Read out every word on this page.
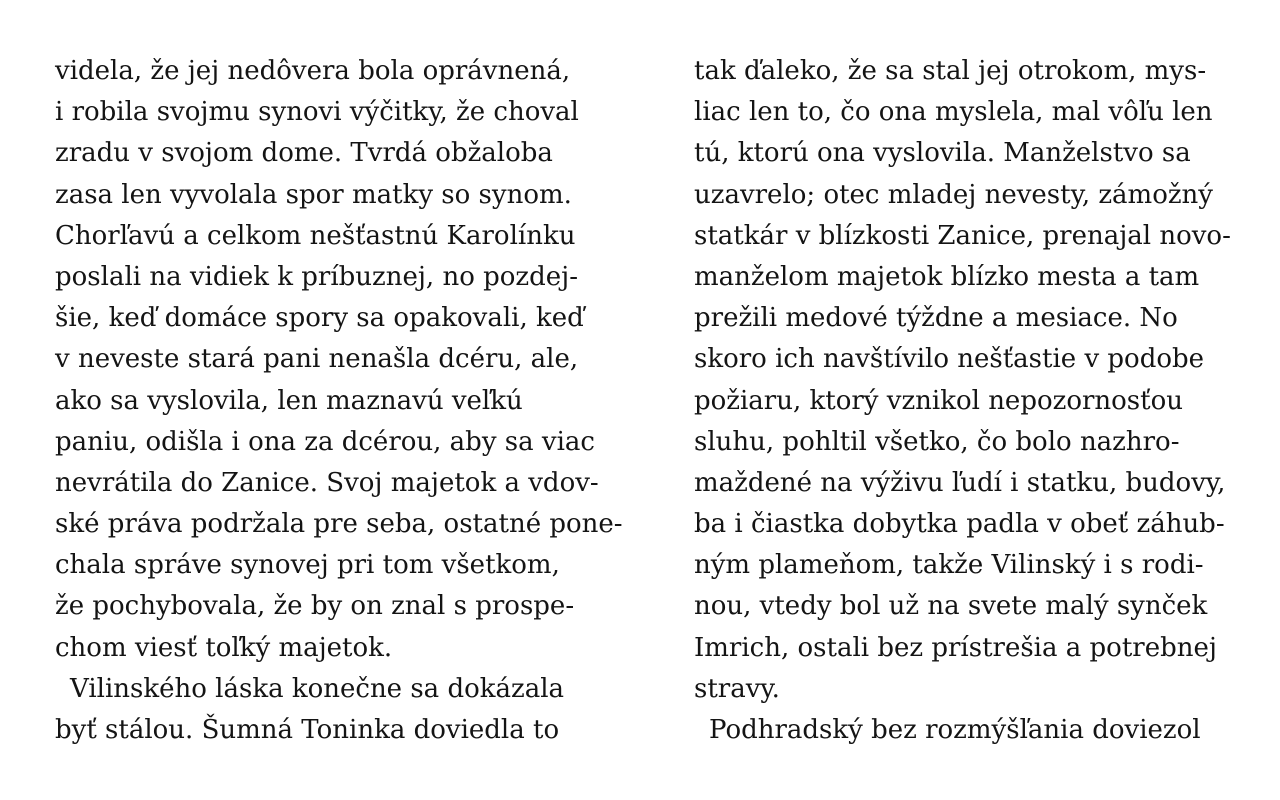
videla, že jej nedôvera bola oprávnená,
i robila svojmu synovi výčitky, že choval
zradu v svojom dome. Tvrdá obžaloba
zasa len vyvolala spor matky so synom.
Chorľavú a celkom nešťastnú Karolínku
poslali na vidiek k príbuznej, no pozdej-
šie, keď domáce spory sa opakovali, keď
v neveste stará pani nenašla dcéru, ale,
ako sa vyslovila, len maznavú veľkú
paniu, odišla i ona za dcérou, aby sa viac
nevrátila do Zanice. Svoj majetok a vdov-
ské práva podržala pre seba, ostatné pone-
chala správe synovej pri tom všetkom,
že pochybovala, že by on znal s prospe-
chom viesť toľký majetok.
Vilinského láska konečne sa dokázala
byť stálou. Šumná Toninka doviedla to
tak ďaleko, že sa stal jej otrokom, mys-
liac len to, čo ona myslela, mal vôľu len
tú, ktorú ona vyslovila. Manželstvo sa
uzavrelo; otec mladej nevesty, zámožný
statkár v blízkosti Zanice, prenajal novo-
manželom majetok blízko mesta a tam
prežili medové týždne a mesiace. No
skoro ich navštívilo nešťastie v podobe
požiaru, ktorý vznikol nepozornosťou
sluhu, pohltil všetko, čo bolo nazhro-
maždené na výživu ľudí i statku, budovy,
ba i čiastka dobytka padla v obeť záhub-
ným plameňom, takže Vilinský i s rodi-
nou, vtedy bol už na svete malý synček
Imrich, ostali bez prístrešia a potrebnej
stravy.
Podhradský bez rozmýšľania doviezol
